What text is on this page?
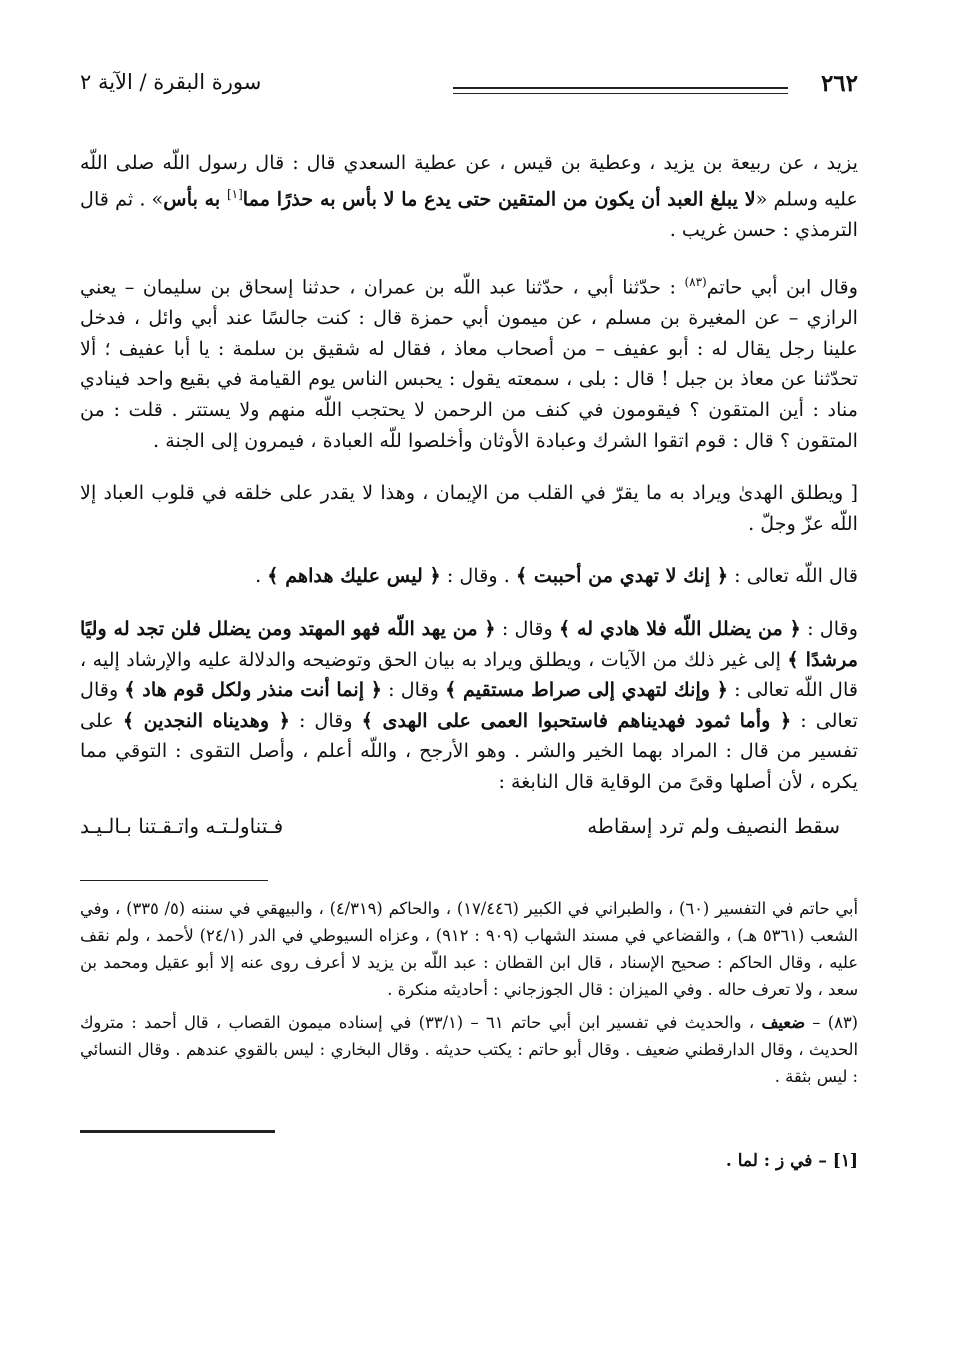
٢٦٢
سورة البقرة / الآية ٢

يزيد ، عن ربيعة بن يزيد ، وعطية بن قيس ، عن عطية السعدي قال : قال رسول اللّه صلى اللّه عليه وسلم «لا يبلغ العبد أن يكون من المتقين حتى يدع ما لا بأس به حذرًا مما[١] به بأس» . ثم قال الترمذي : حسن غريب .

وقال ابن أبي حاتم$^{(٨٣)}$ : حدّثنا أبي ، حدّثنا عبد اللّه بن عمران ، حدثنا إسحاق بن سليمان – يعني الرازي – عن المغيرة بن مسلم ، عن ميمون أبي حمزة قال : كنت جالسًا عند أبي وائل ، فدخل علينا رجل يقال له : أبو عفيف – من أصحاب معاذ ، فقال له شقيق بن سلمة : يا أبا عفيف ؛ ألا تحدّثنا عن معاذ بن جبل ! قال : بلى ، سمعته يقول : يحبس الناس يوم القيامة في بقيع واحد فينادي مناد : أين المتقون ؟ فيقومون في كنف من الرحمن لا يحتجب اللّه منهم ولا يستتر . قلت : من المتقون ؟ قال : قوم اتقوا الشرك وعبادة الأوثان وأخلصوا للّه العبادة ، فيمرون إلى الجنة .

[ ويطلق الهدىٰ ويراد به ما يقرّ في القلب من الإيمان ، وهذا لا يقدر على خلقه في قلوب العباد إلا اللّه عزّ وجلّ .

قال اللّه تعالى : ﴿ إنك لا تهدي من أحببت ﴾ . وقال : ﴿ ليس عليك هداهم ﴾ .

وقال : ﴿ من يضلل اللّه فلا هادي له ﴾ وقال : ﴿ من يهد اللّه فهو المهتد ومن يضلل فلن تجد له وليًا مرشدًا ﴾ إلى غير ذلك من الآيات ، ويطلق ويراد به بيان الحق وتوضيحه والدلالة عليه والإرشاد إليه ، قال اللّه تعالى : ﴿ وإنك لتهدي إلى صراط مستقيم ﴾ وقال : ﴿ إنما أنت منذر ولكل قوم هاد ﴾ وقال تعالى : ﴿ وأما ثمود فهديناهم فاستحبوا العمى على الهدى ﴾ وقال : ﴿ وهديناه النجدين ﴾ على تفسير من قال : المراد بهما الخير والشر . وهو الأرجح ، واللّه أعلم ، وأصل التقوى : التوقي مما يكره ، لأن أصلها وقىً من الوقاية قال النابغة :

سقط النصيف ولم ترد إسقاطه
فـتناولـتـه واتـقـتنا بـالـيـد

أبي حاتم في التفسير (٦٠) ، والطبراني في الكبير (١٧/٤٤٦) ، والحاكم (٤/٣١٩) ، والبيهقي في سننه (٥/ ٣٣٥) ، وفي الشعب (٥٣٦١ هـ) ، والقضاعي في مسند الشهاب (٩٠٩ : ٩١٢) ، وعزاه السيوطي في الدر (٢٤/١) لأحمد ، ولم نقف عليه ، وقال الحاكم : صحيح الإسناد ، قال ابن القطان : عبد اللّه بن يزيد لا أعرف روى عنه إلا أبو عقيل ومحمد بن سعد ، ولا تعرف حاله . وفي الميزان : قال الجوزجاني : أحاديثه منكرة .

(٨٣) – ضعيف ، والحديث في تفسير ابن أبي حاتم ٦١ – (٣٣/١) في إسناده ميمون القصاب ، قال أحمد : متروك الحديث ، وقال الدارقطني ضعيف . وقال أبو حاتم : يكتب حديثه . وقال البخاري : ليس بالقوي عندهم . وقال النسائي : ليس بثقة .

[١] – في ز : لما .
